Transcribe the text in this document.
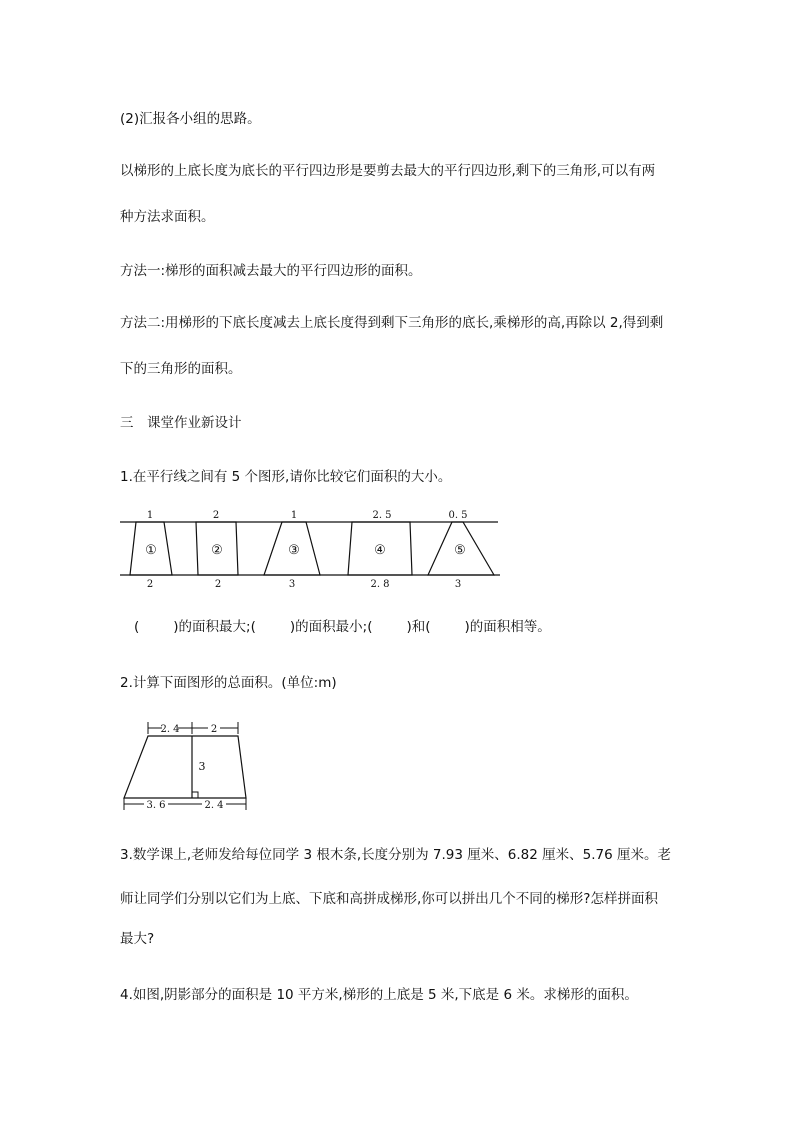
(2)汇报各小组的思路。
以梯形的上底长度为底长的平行四边形是要剪去最大的平行四边形,剩下的三角形,可以有两
种方法求面积。
方法一:梯形的面积减去最大的平行四边形的面积。
方法二:用梯形的下底长度减去上底长度得到剩下三角形的底长,乘梯形的高,再除以 2,得到剩
下的三角形的面积。
三　课堂作业新设计
1.在平行线之间有 5 个图形,请你比较它们面积的大小。
①	②	③	④	⑤
1	2	1	2. 5	0. 5
2	2	3	2. 8	3
(	)的面积最大;(	)的面积最小;(	)和(	)的面积相等。
2.计算下面图形的总面积。(单位:m)
2. 4	2
3
3. 6	2. 4
3.数学课上,老师发给每位同学 3 根木条,长度分别为 7.93 厘米、6.82 厘米、5.76 厘米。老
师让同学们分别以它们为上底、下底和高拼成梯形,你可以拼出几个不同的梯形?怎样拼面积
最大?
4.如图,阴影部分的面积是 10 平方米,梯形的上底是 5 米,下底是 6 米。求梯形的面积。
